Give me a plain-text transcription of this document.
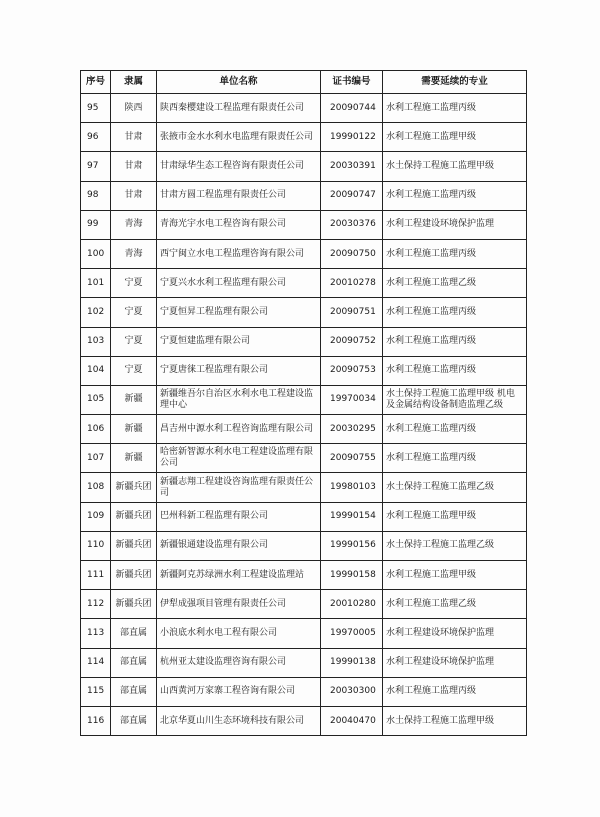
序号	隶属	单位名称	证书编号	需要延续的专业
95	陕西	陕西秦樱建设工程监理有限责任公司	20090744	水利工程施工监理丙级
96	甘肃	张掖市金水水利水电监理有限责任公司	19990122	水利工程施工监理甲级
97	甘肃	甘肃绿华生态工程咨询有限责任公司	20030391	水土保持工程施工监理甲级
98	甘肃	甘肃方圆工程监理有限责任公司	20090747	水利工程施工监理丙级
99	青海	青海光宇水电工程咨询有限公司	20030376	水利工程建设环境保护监理
100	青海	西宁闽立水电工程监理咨询有限公司	20090750	水利工程施工监理丙级
101	宁夏	宁夏兴水水利工程监理有限公司	20010278	水利工程施工监理乙级
102	宁夏	宁夏恒昇工程监理有限公司	20090751	水利工程施工监理丙级
103	宁夏	宁夏恒建监理有限公司	20090752	水利工程施工监理丙级
104	宁夏	宁夏唐徕工程监理有限公司	20090753	水利工程施工监理丙级
105	新疆	新疆维吾尔自治区水利水电工程建设监理中心	19970034	水土保持工程施工监理甲级 机电及金属结构设备制造监理乙级
106	新疆	昌吉州中源水利工程咨询监理有限公司	20030295	水利工程施工监理丙级
107	新疆	哈密新智源水利水电工程建设监理有限公司	20090755	水利工程施工监理丙级
108	新疆兵团	新疆志翔工程建设咨询监理有限责任公司	19980103	水土保持工程施工监理乙级
109	新疆兵团	巴州科新工程监理有限公司	19990154	水利工程施工监理甲级
110	新疆兵团	新疆银通建设监理有限公司	19990156	水土保持工程施工监理乙级
111	新疆兵团	新疆阿克苏绿洲水利工程建设监理站	19990158	水利工程施工监理甲级
112	新疆兵团	伊犁成强项目管理有限责任公司	20010280	水利工程施工监理乙级
113	部直属	小浪底水利水电工程有限公司	19970005	水利工程建设环境保护监理
114	部直属	杭州亚太建设监理咨询有限公司	19990138	水利工程建设环境保护监理
115	部直属	山西黄河万家寨工程咨询有限公司	20030300	水利工程施工监理丙级
116	部直属	北京华夏山川生态环境科技有限公司	20040470	水土保持工程施工监理甲级
